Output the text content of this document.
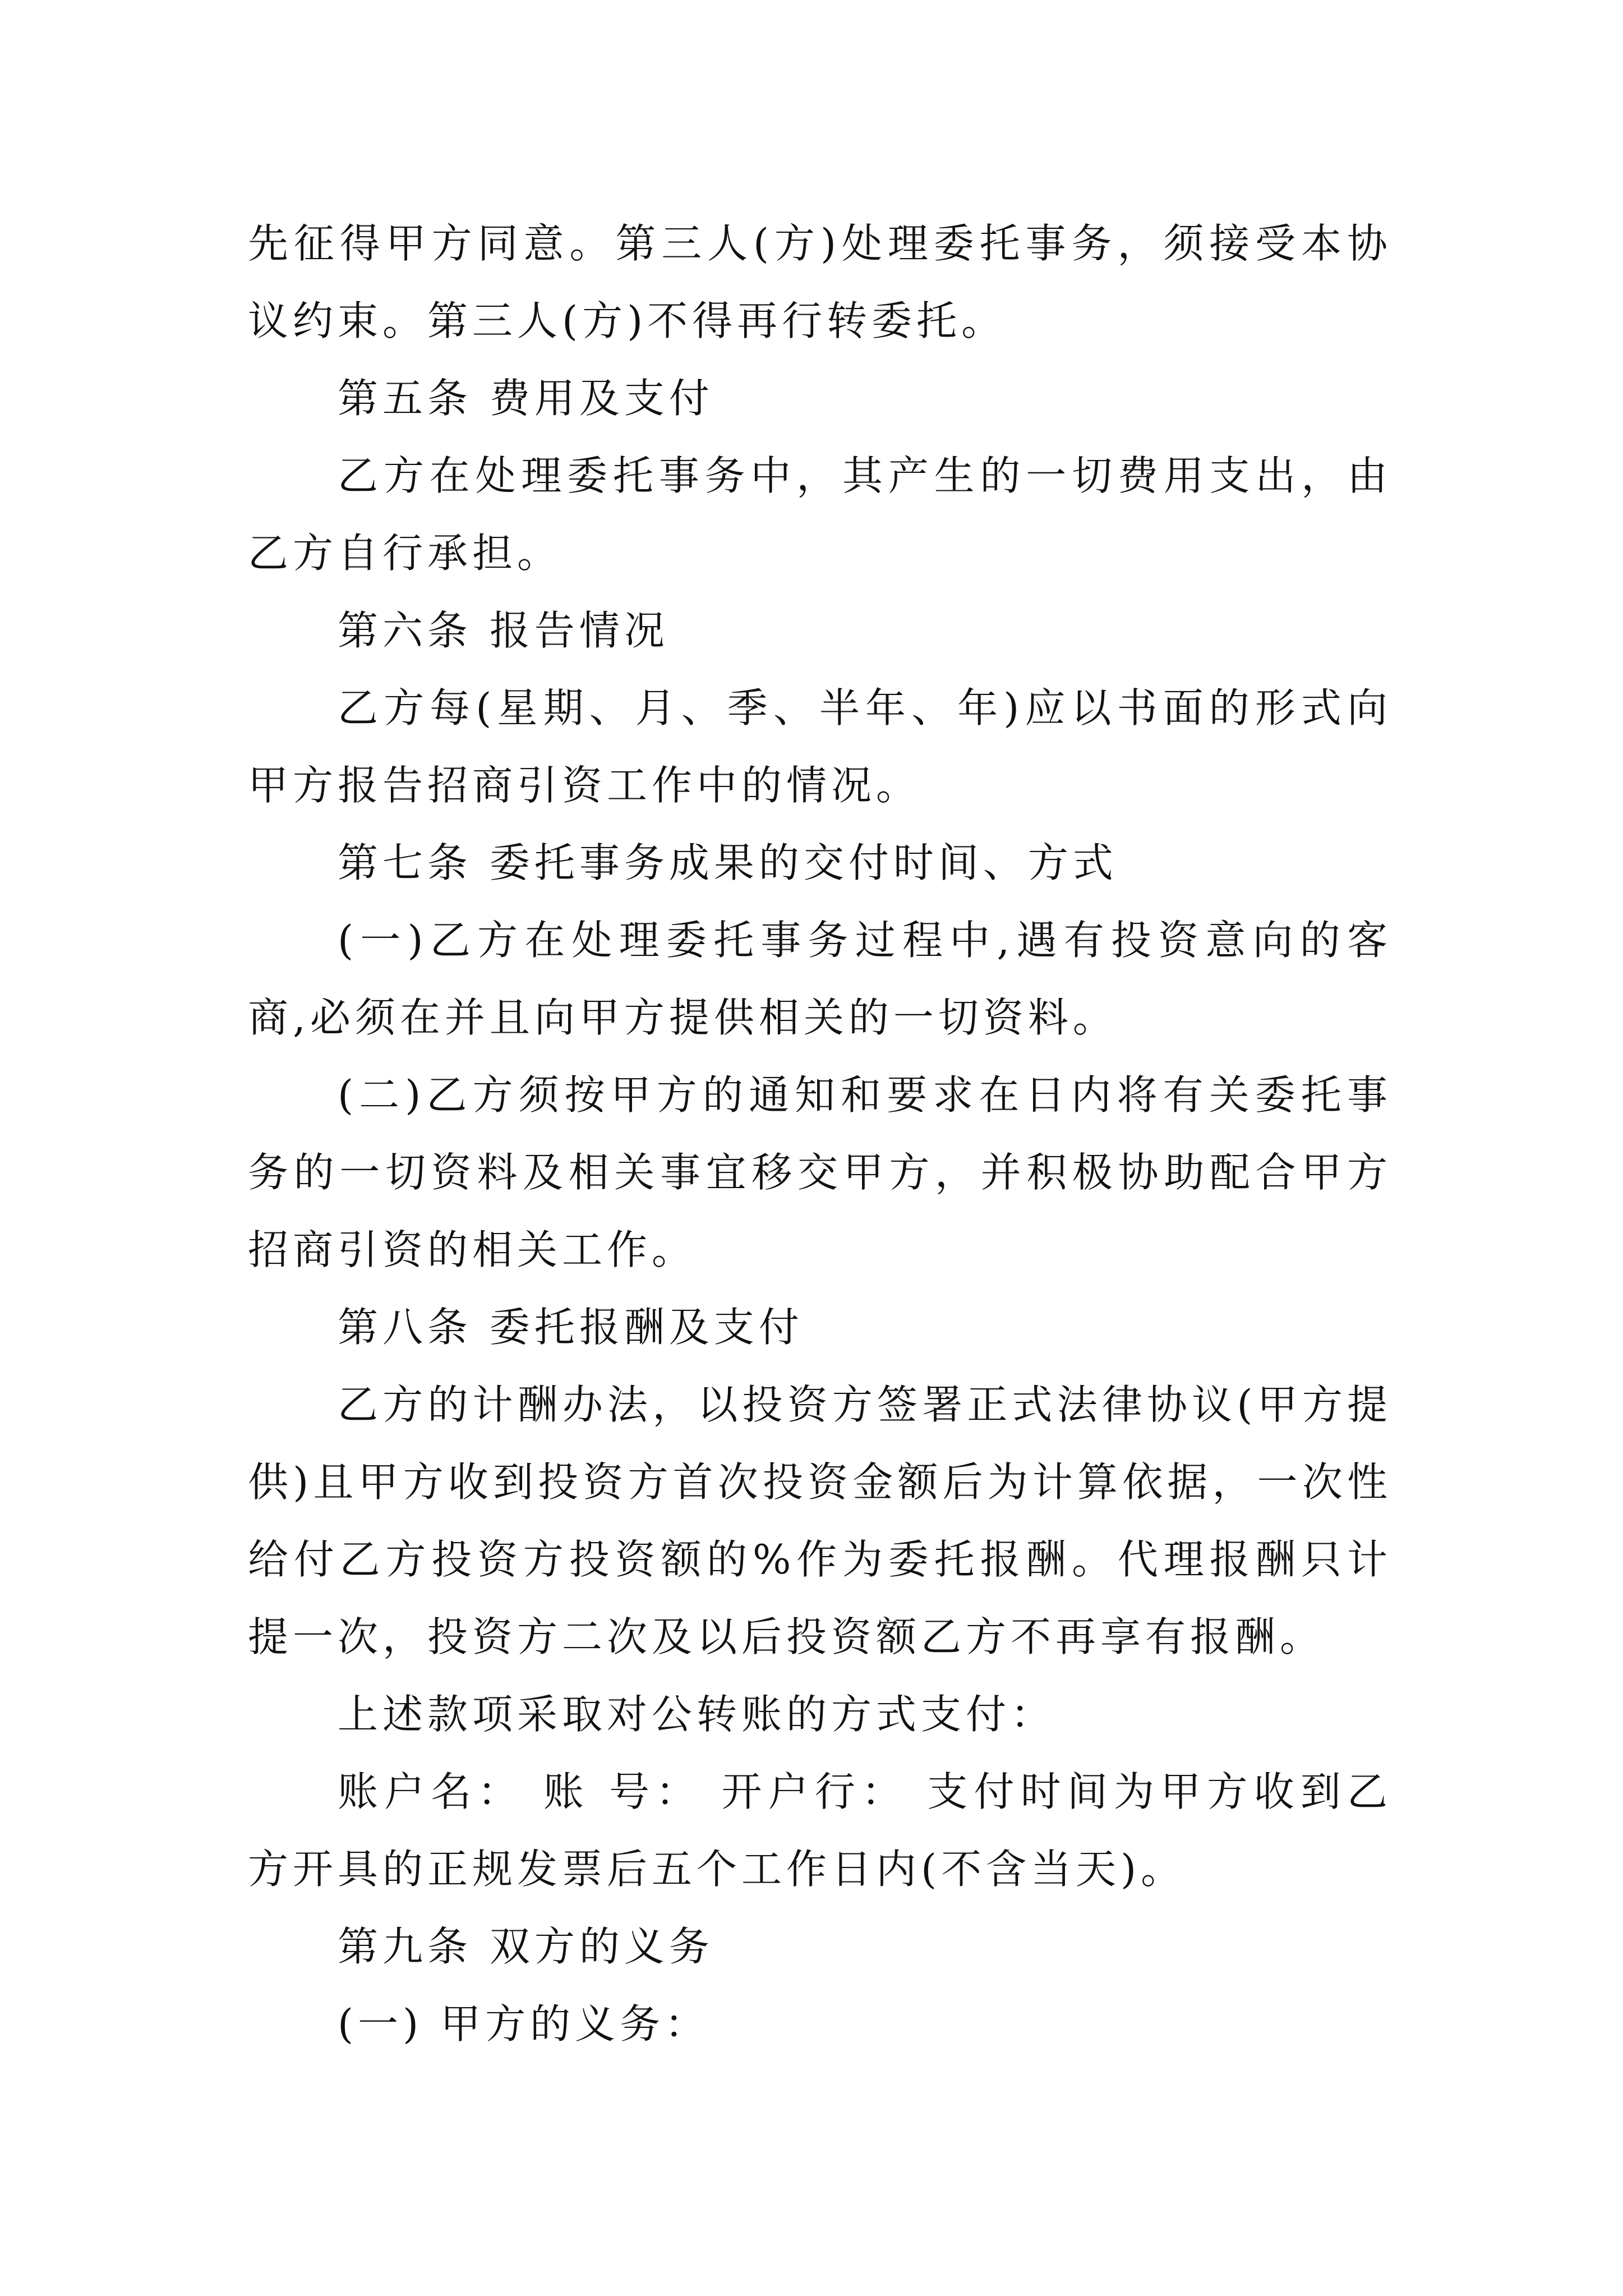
先征得甲方同意。第三人(方)处理委托事务，须接受本协议约束。第三人(方)不得再行转委托。

第五条 费用及支付

乙方在处理委托事务中，其产生的一切费用支出，由乙方自行承担。

第六条 报告情况

乙方每(星期、月、季、半年、年)应以书面的形式向甲方报告招商引资工作中的情况。

第七条 委托事务成果的交付时间、方式

(一)乙方在处理委托事务过程中,遇有投资意向的客商,必须在并且向甲方提供相关的一切资料。

(二)乙方须按甲方的通知和要求在日内将有关委托事务的一切资料及相关事宜移交甲方，并积极协助配合甲方招商引资的相关工作。

第八条 委托报酬及支付

乙方的计酬办法，以投资方签署正式法律协议(甲方提供)且甲方收到投资方首次投资金额后为计算依据，一次性给付乙方投资方投资额的%作为委托报酬。代理报酬只计提一次，投资方二次及以后投资额乙方不再享有报酬。

上述款项采取对公转账的方式支付：

账户名： 账 号： 开户行： 支付时间为甲方收到乙方开具的正规发票后五个工作日内(不含当天)。

第九条 双方的义务

(一) 甲方的义务：
